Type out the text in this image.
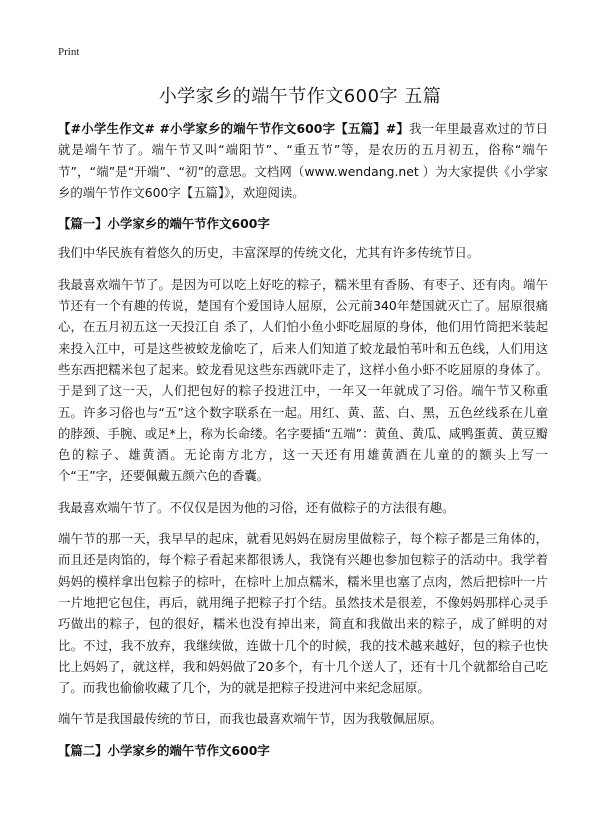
Print
小学家乡的端午节作文600字 五篇

【#小学生作文# #小学家乡的端午节作文600字【五篇】#】我一年里最喜欢过的节日就是端午节了。端午节又叫“端阳节”、“重五节”等，是农历的五月初五，俗称“端午节”，“端”是“开端”、“初”的意思。文档网（www.wendang.net ）为大家提供《小学家乡的端午节作文600字【五篇】》，欢迎阅读。

【篇一】小学家乡的端午节作文600字

我们中华民族有着悠久的历史，丰富深厚的传统文化，尤其有许多传统节日。

我最喜欢端午节了。是因为可以吃上好吃的粽子，糯米里有香肠、有枣子、还有肉。端午节还有一个有趣的传说，楚国有个爱国诗人屈原，公元前340年楚国就灭亡了。屈原很痛心，在五月初五这一天投江自 杀了，人们怕小鱼小虾吃屈原的身体，他们用竹筒把米装起来投入江中，可是这些被蛟龙偷吃了，后来人们知道了蛟龙最怕苇叶和五色线，人们用这些东西把糯米包了起来。蛟龙看见这些东西就吓走了，这样小鱼小虾不吃屈原的身体了。于是到了这一天，人们把包好的粽子投进江中，一年又一年就成了习俗。端午节又称重五。许多习俗也与“五”这个数字联系在一起。用红、黄、蓝、白、黑，五色丝线系在儿童的脖颈、手腕、或足*上，称为长命缕。名字要插“五端”：黄鱼、黄瓜、咸鸭蛋黄、黄豆瓣色的粽子、雄黄酒。无论南方北方，这一天还有用雄黄酒在儿童的的额头上写一个“王”字，还要佩戴五颜六色的香囊。

我最喜欢端午节了。不仅仅是因为他的习俗，还有做粽子的方法很有趣。

端午节的那一天，我早早的起床，就看见妈妈在厨房里做粽子，每个粽子都是三角体的，而且还是肉馅的，每个粽子看起来都很诱人，我饶有兴趣也参加包粽子的活动中。我学着妈妈的模样拿出包粽子的棕叶，在棕叶上加点糯米，糯米里也塞了点肉，然后把棕叶一片一片地把它包住，再后，就用绳子把粽子打个结。虽然技术是很差，不像妈妈那样心灵手巧做出的粽子，包的很好，糯米也没有掉出来，简直和我做出来的粽子，成了鲜明的对比。不过，我不放弃，我继续做，连做十几个的时候，我的技术越来越好，包的粽子也快比上妈妈了，就这样，我和妈妈做了20多个，有十几个送人了，还有十几个就都给自己吃了。而我也偷偷收藏了几个，为的就是把粽子投进河中来纪念屈原。

端午节是我国最传统的节日，而我也最喜欢端午节，因为我敬佩屈原。

【篇二】小学家乡的端午节作文600字
